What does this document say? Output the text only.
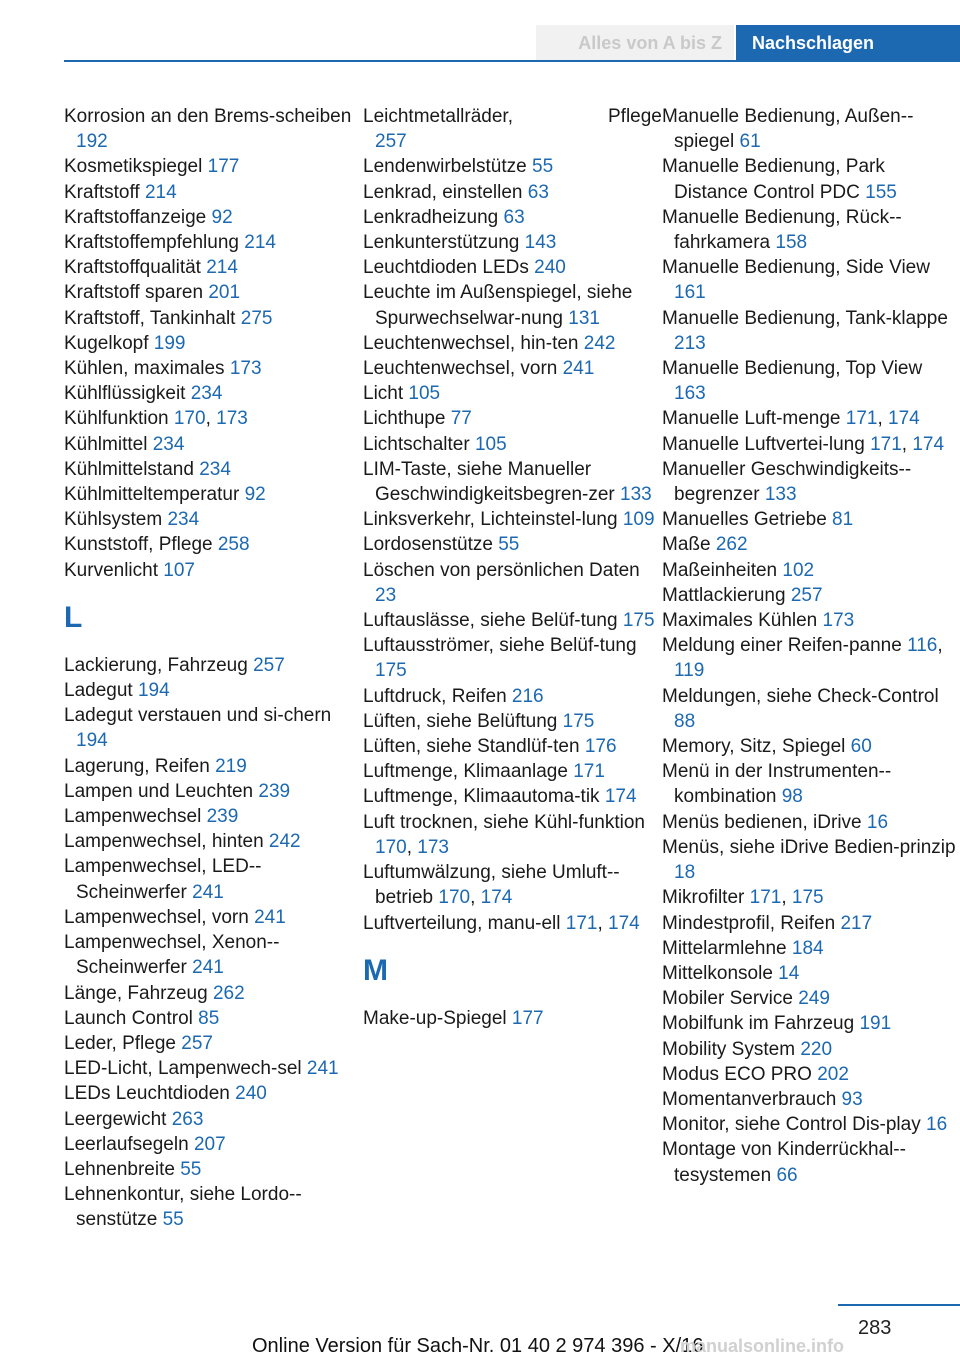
Alles von A bis Z	Nachschlagen
Korrosion an den Brems-scheiben 192
Kosmetikspiegel 177
Kraftstoff 214
Kraftstoffanzeige 92
Kraftstoffempfehlung 214
Kraftstoffqualität 214
Kraftstoff sparen 201
Kraftstoff, Tankinhalt 275
Kugelkopf 199
Kühlen, maximales 173
Kühlflüssigkeit 234
Kühlfunktion 170, 173
Kühlmittel 234
Kühlmittelstand 234
Kühlmitteltemperatur 92
Kühlsystem 234
Kunststoff, Pflege 258
Kurvenlicht 107
L
Lackierung, Fahrzeug 257
Ladegut 194
Ladegut verstauen und si-chern 194
Lagerung, Reifen 219
Lampen und Leuchten 239
Lampenwechsel 239
Lampenwechsel, hinten 242
Lampenwechsel, LED-Scheinwerfer 241
Lampenwechsel, vorn 241
Lampenwechsel, Xenon-Scheinwerfer 241
Länge, Fahrzeug 262
Launch Control 85
Leder, Pflege 257
LED-Licht, Lampenwech-sel 241
LEDs Leuchtdioden 240
Leergewicht 263
Leerlaufsegeln 207
Lehnenbreite 55
Lehnenkontur, siehe Lordo-senstütze 55
Leichtmetallräder,                  Pflege 257
Lendenwirbelstütze 55
Lenkrad, einstellen 63
Lenkradheizung 63
Lenkunterstützung 143
Leuchtdioden LEDs 240
Leuchte im Außenspiegel, siehe Spurwechselwar-nung 131
Leuchtenwechsel, hin-ten 242
Leuchtenwechsel, vorn 241
Licht 105
Lichthupe 77
Lichtschalter 105
LIM-Taste, siehe Manueller Geschwindigkeitsbegren-zer 133
Linksverkehr, Lichteinstel-lung 109
Lordosenstütze 55
Löschen von persönlichen Daten 23
Luftauslässe, siehe Belüf-tung 175
Luftausströmer, siehe Belüf-tung 175
Luftdruck, Reifen 216
Lüften, siehe Belüftung 175
Lüften, siehe Standlüf-ten 176
Luftmenge, Klimaanlage 171
Luftmenge, Klimaautoma-tik 174
Luft trocknen, siehe Kühl-funktion 170, 173
Luftumwälzung, siehe Umluft-betrieb 170, 174
Luftverteilung, manu-ell 171, 174
M
Make-up-Spiegel 177
Manuelle Bedienung, Außen-spiegel 61
Manuelle Bedienung, Park Distance Control PDC 155
Manuelle Bedienung, Rück-fahrkamera 158
Manuelle Bedienung, Side View 161
Manuelle Bedienung, Tank-klappe 213
Manuelle Bedienung, Top View 163
Manuelle Luft-menge 171, 174
Manuelle Luftvertei-lung 171, 174
Manueller Geschwindigkeits-begrenzer 133
Manuelles Getriebe 81
Maße 262
Maßeinheiten 102
Mattlackierung 257
Maximales Kühlen 173
Meldung einer Reifen-panne 116, 119
Meldungen, siehe Check-Control 88
Memory, Sitz, Spiegel 60
Menü in der Instrumenten-kombination 98
Menüs bedienen, iDrive 16
Menüs, siehe iDrive Bedien-prinzip 18
Mikrofilter 171, 175
Mindestprofil, Reifen 217
Mittelarmlehne 184
Mittelkonsole 14
Mobiler Service 249
Mobilfunk im Fahrzeug 191
Mobility System 220
Modus ECO PRO 202
Momentanverbrauch 93
Monitor, siehe Control Dis-play 16
Montage von Kinderrückhal-tesystemen 66
283
Online Version für Sach-Nr. 01 40 2 974 396 - X/16
manualsonline.info
